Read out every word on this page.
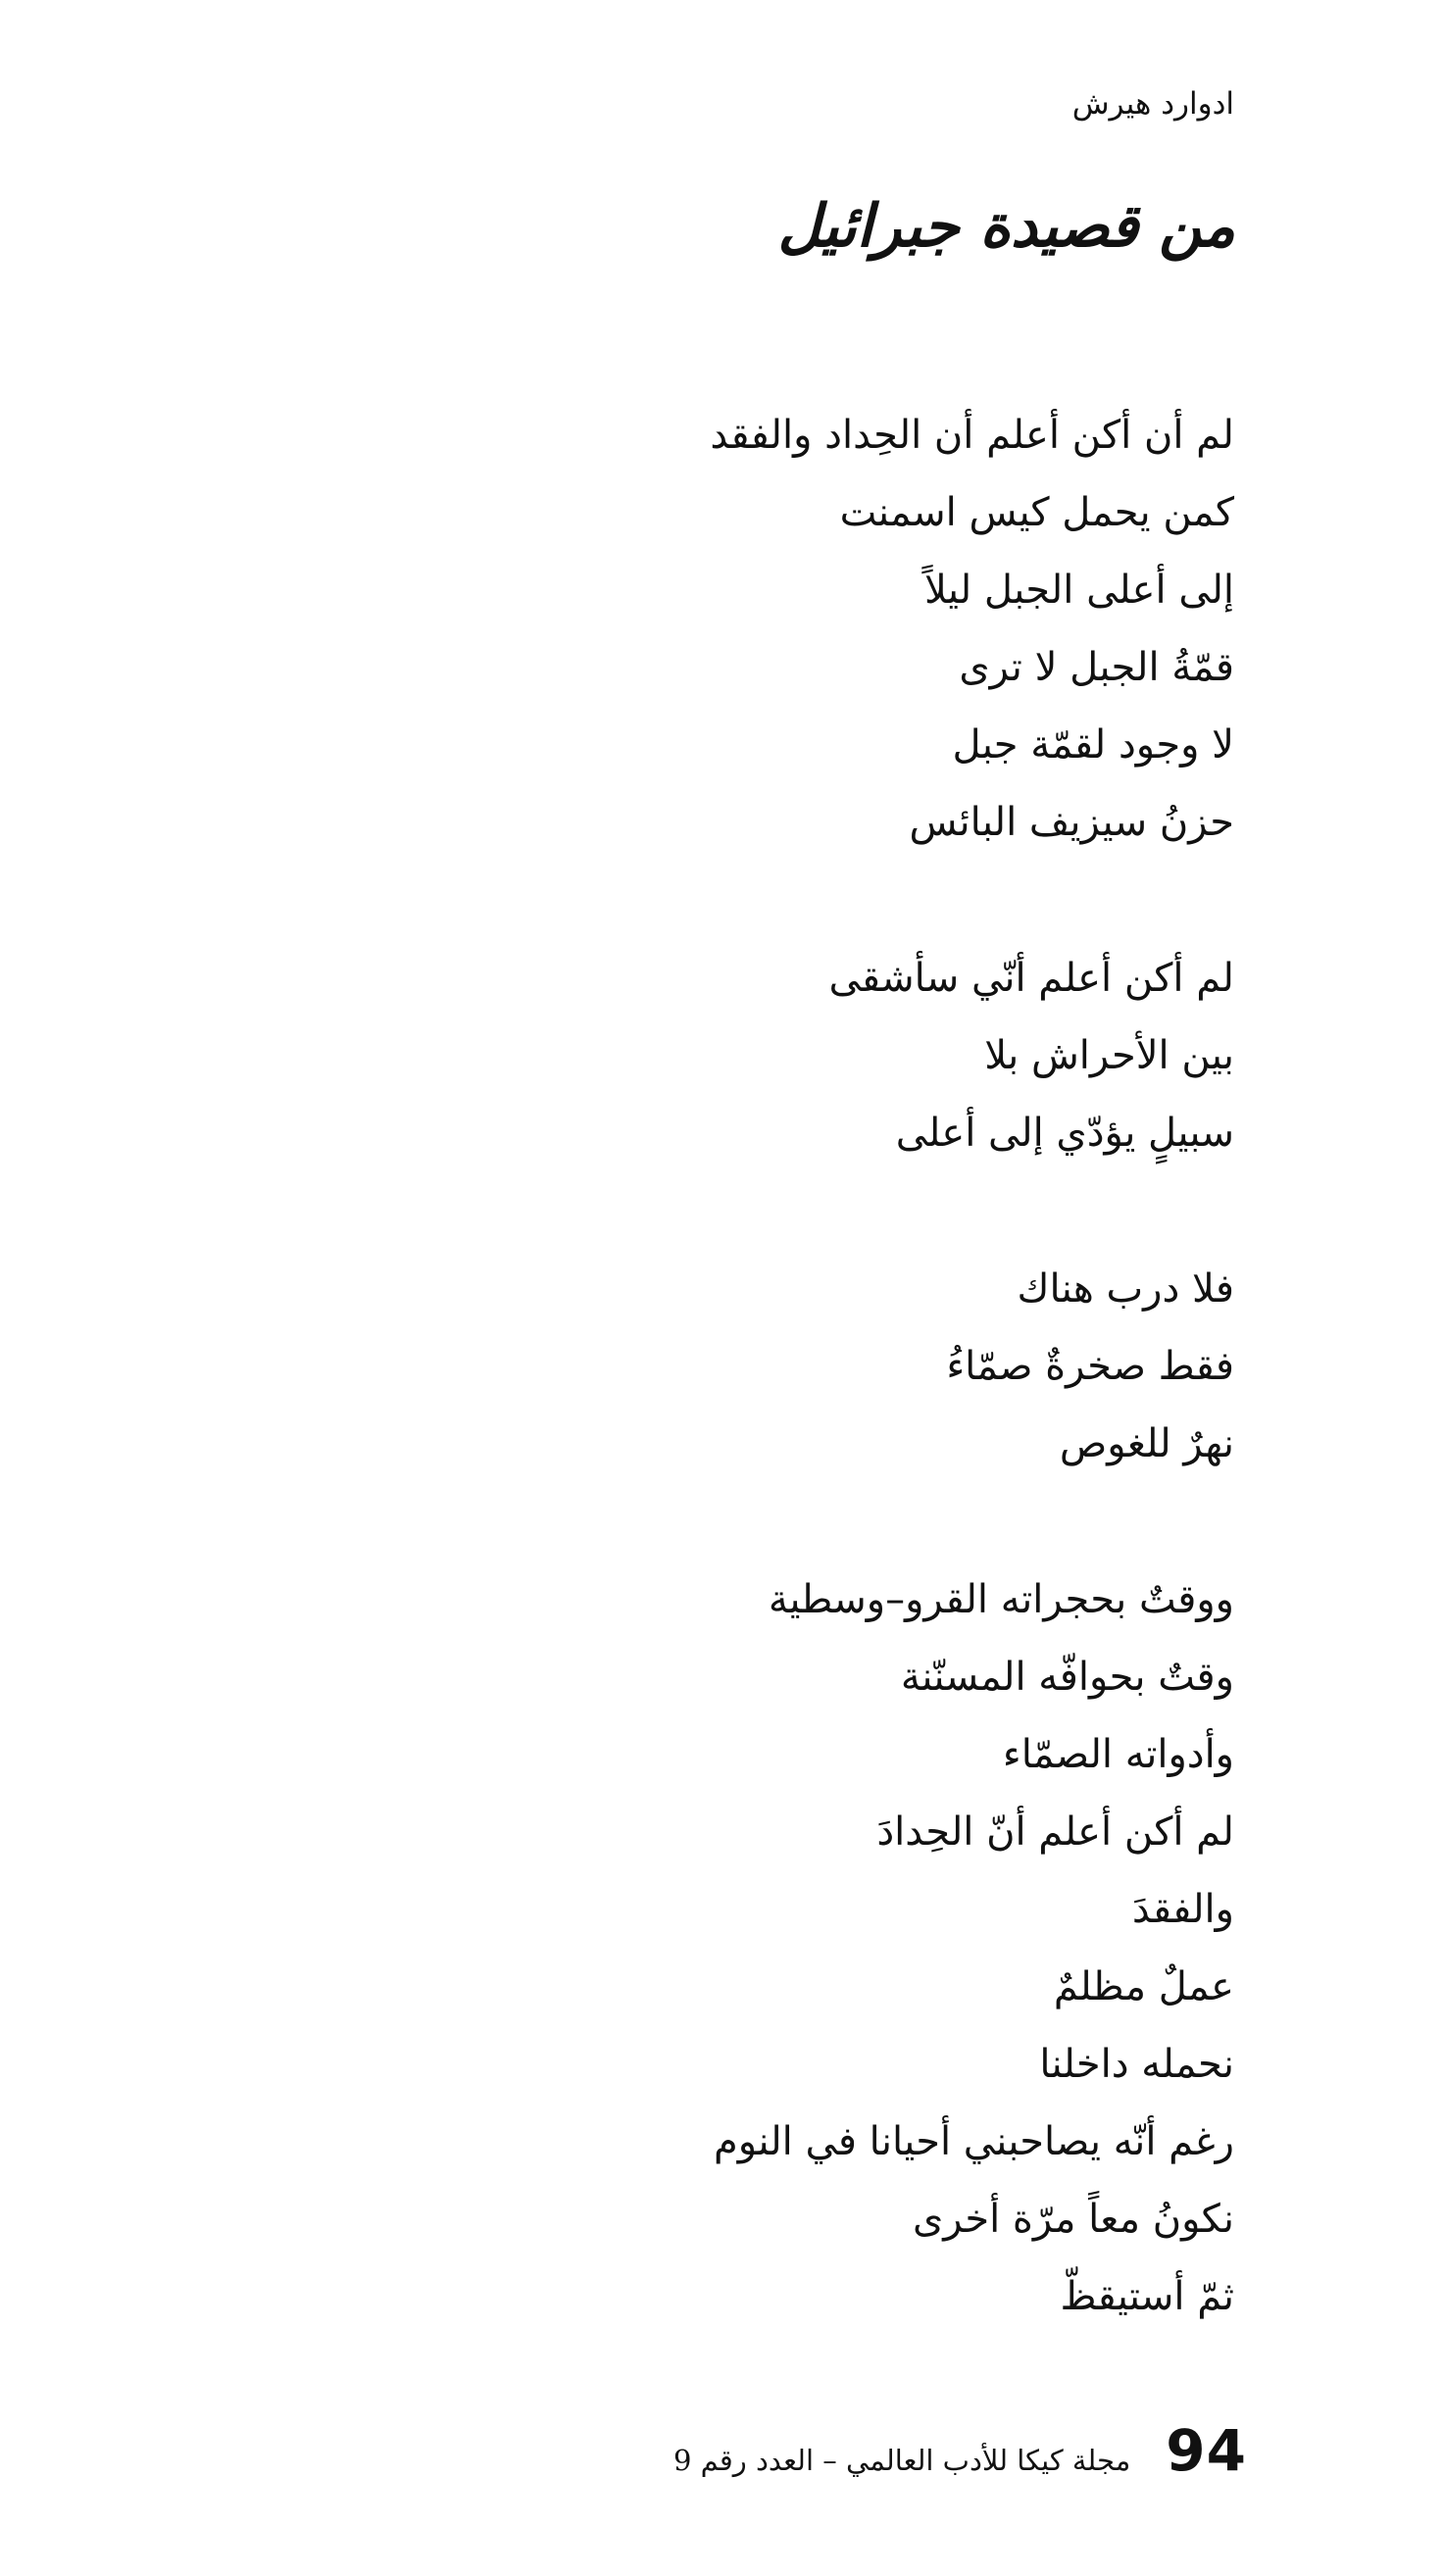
ادوارد هيرش
من قصيدة جبرائيل
لم أن أكن أعلم أن الحِداد والفقد
كمن يحمل كيس اسمنت
إلى أعلى الجبل ليلاً
قمّةُ الجبل لا ترى
لا وجود لقمّة جبل
حزنُ سيزيف البائس
لم أكن أعلم أنّي سأشقى
بين الأحراش بلا
سبيلٍ يؤدّي إلى أعلى
فلا درب هناك
فقط صخرةٌ صمّاءُ
نهرٌ للغوص
ووقتٌ بحجراته القرو–وسطية
وقتٌ بحوافّه المسنّنة
وأدواته الصمّاء
لم أكن أعلم أنّ الحِدادَ
والفقدَ
عملٌ مظلمٌ
نحمله داخلنا
رغم أنّه يصاحبني أحيانا في النوم
نكونُ معاً مرّة أخرى
ثمّ أستيقظّ
94
مجلة كيكا للأدب العالمي – العدد رقم 9
